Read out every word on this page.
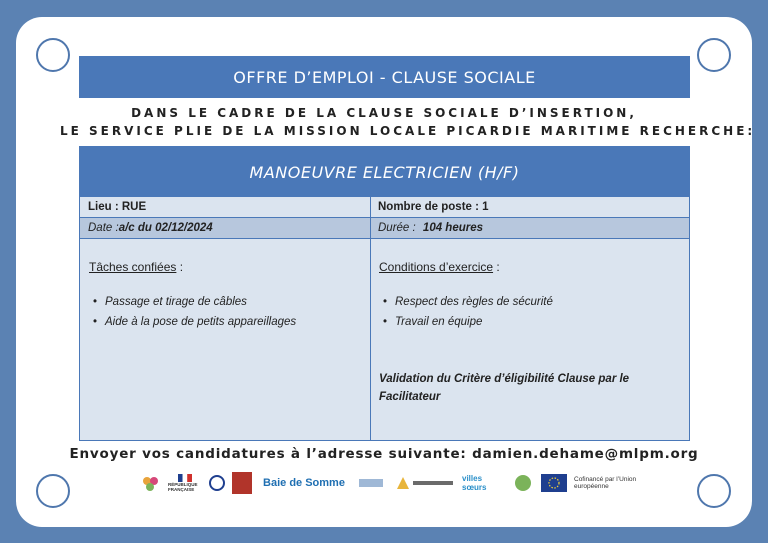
OFFRE D’EMPLOI - CLAUSE SOCIALE
DANS LE CADRE DE LA CLAUSE SOCIALE D’INSERTION,
LE SERVICE PLIE DE LA MISSION LOCALE PICARDIE MARITIME RECHERCHE:
MANOEUVRE ELECTRICIEN (H/F)
Lieu : RUE	Nombre de poste : 1
Date : a/c du 02/12/2024	Durée : 104 heures
Tâches confiées :
• Passage et tirage de câbles
• Aide à la pose de petits appareillages
Conditions d’exercice :
• Respect des règles de sécurité
• Travail en équipe
Validation du Critère d’éligibilité Clause par le Facilitateur
Envoyer vos candidatures à l’adresse suivante: damien.dehame@mlpm.org
RÉPUBLIQUE FRANÇAISE
Baie de Somme	villes sœurs
Cofinancé par l’Union européenne
